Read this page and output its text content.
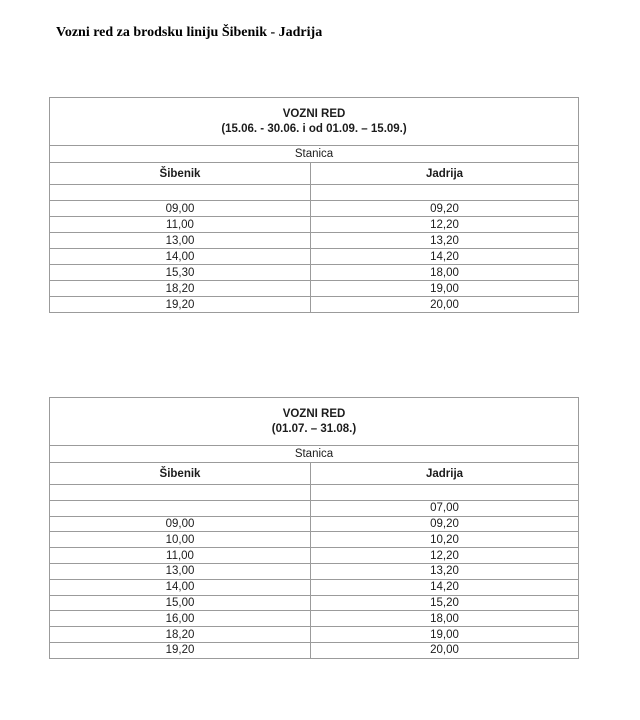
Vozni red za brodsku liniju Šibenik - Jadrija
VOZNI RED
(15.06. - 30.06. i od 01.09. – 15.09.)	

Stanica	
Šibenik	Jadrija

09,00	09,20
11,00	12,20
13,00	13,20
14,00	14,20
15,30	18,00
18,20	19,00
19,20	20,00
VOZNI RED
(01.07. – 31.08.)	

Stanica	
Šibenik	Jadrija

	07,00
09,00	09,20
10,00	10,20
11,00	12,20
13,00	13,20
14,00	14,20
15,00	15,20
16,00	18,00
18,20	19,00
19,20	20,00
